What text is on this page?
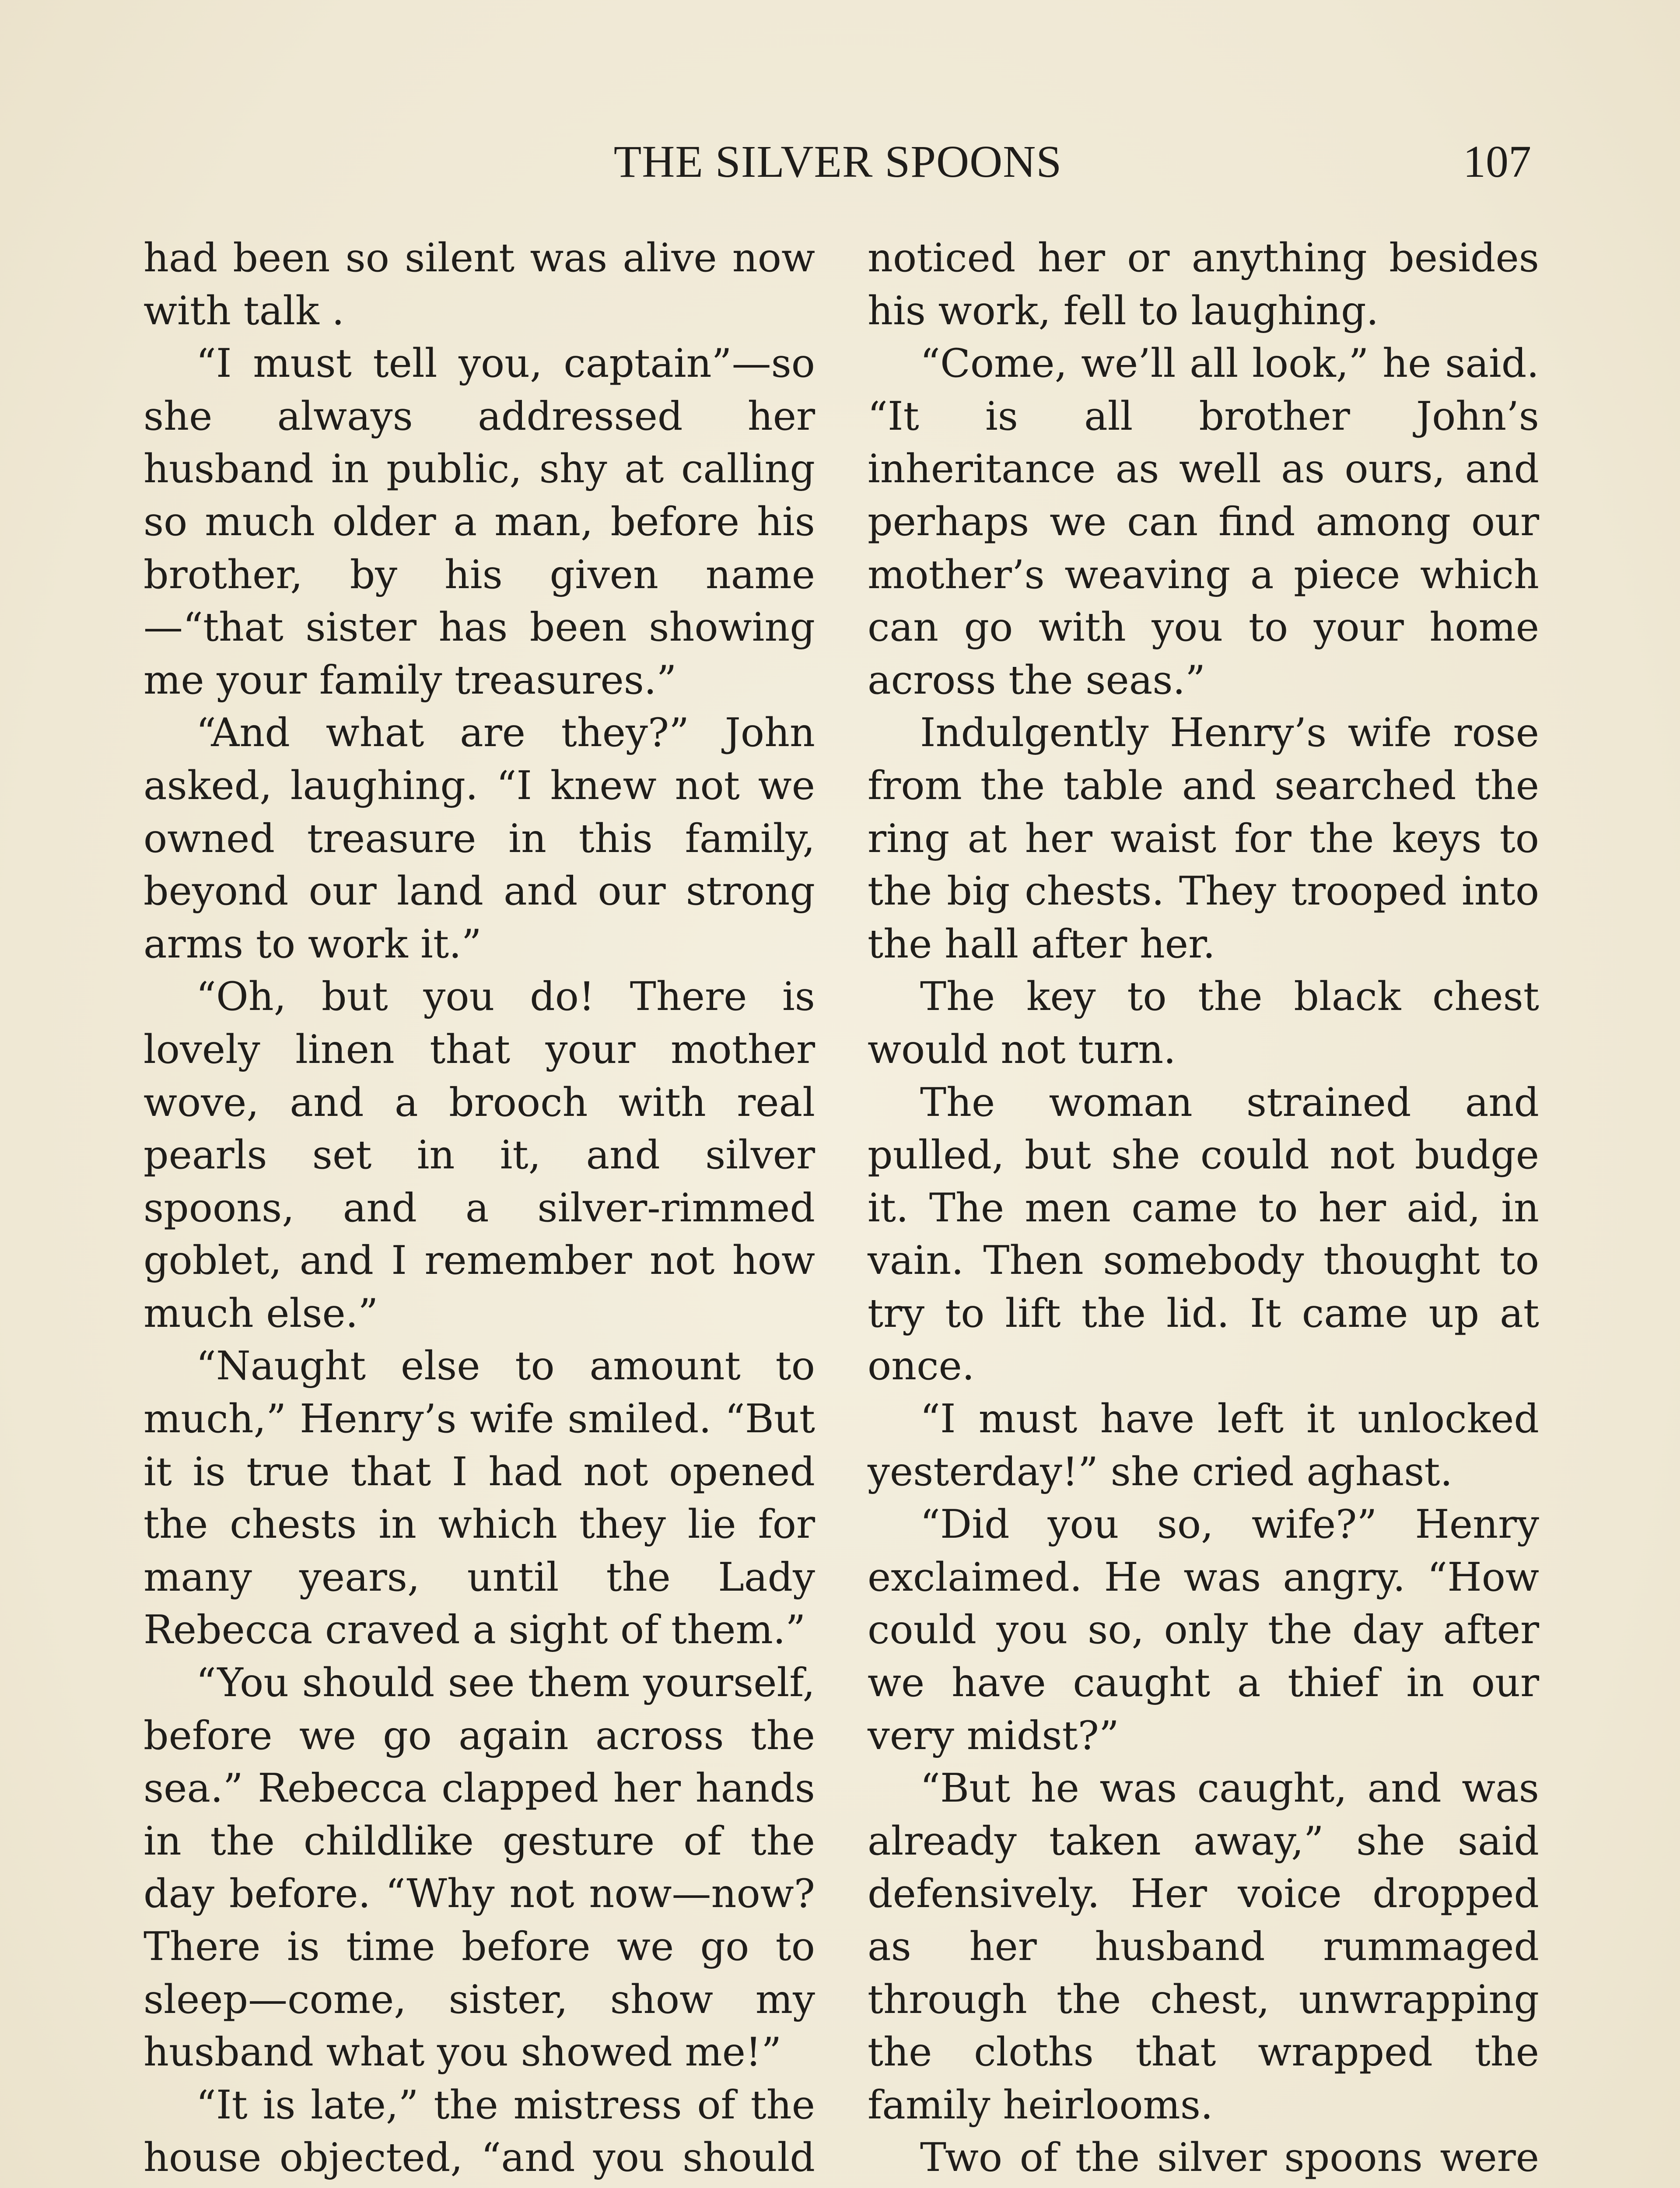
THE SILVER SPOONS	107

had been so silent was alive now with talk .

“I must tell you, captain”—so she always addressed her husband in public, shy at calling so much older a man, before his brother, by his given name—“that sister has been showing me your family treasures.”

“And what are they?” John asked, laughing. “I knew not we owned treasure in this family, beyond our land and our strong arms to work it.”

“Oh, but you do! There is lovely linen that your mother wove, and a brooch with real pearls set in it, and silver spoons, and a silver-rimmed goblet, and I remember not how much else.”

“Naught else to amount to much,” Henry’s wife smiled. “But it is true that I had not opened the chests in which they lie for many years, until the Lady Rebecca craved a sight of them.”

“You should see them yourself, before we go again across the sea.” Rebecca clapped her hands in the childlike gesture of the day before. “Why not now—now? There is time before we go to sleep—come, sister, show my husband what you showed me!”

“It is late,” the mistress of the house objected, “and you should

noticed her or anything besides his work, fell to laughing.

“Come, we’ll all look,” he said. “It is all brother John’s inheritance as well as ours, and perhaps we can find among our mother’s weaving a piece which can go with you to your home across the seas.”

Indulgently Henry’s wife rose from the table and searched the ring at her waist for the keys to the big chests. They trooped into the hall after her.

The key to the black chest would not turn.

The woman strained and pulled, but she could not budge it. The men came to her aid, in vain. Then somebody thought to try to lift the lid. It came up at once.

“I must have left it unlocked yesterday!” she cried aghast.

“Did you so, wife?” Henry exclaimed. He was angry. “How could you so, only the day after we have caught a thief in our very midst?”

“But he was caught, and was already taken away,” she said defensively. Her voice dropped as her husband rummaged through the chest, unwrapping the cloths that wrapped the family heirlooms.

Two of the silver spoons were
